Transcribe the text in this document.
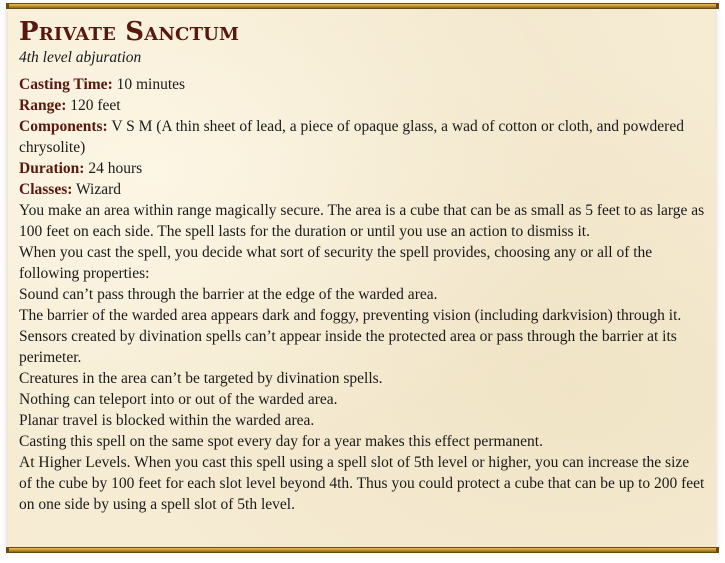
Private Sanctum
4th level abjuration
Casting Time: 10 minutes
Range: 120 feet
Components: V S M (A thin sheet of lead, a piece of opaque glass, a wad of cotton or cloth, and powdered chrysolite)
Duration: 24 hours
Classes: Wizard

You make an area within range magically secure. The area is a cube that can be as small as 5 feet to as large as 100 feet on each side. The spell lasts for the duration or until you use an action to dismiss it.

When you cast the spell, you decide what sort of security the spell provides, choosing any or all of the following properties:

Sound can’t pass through the barrier at the edge of the warded area.

The barrier of the warded area appears dark and foggy, preventing vision (including darkvision) through it.

Sensors created by divination spells can’t appear inside the protected area or pass through the barrier at its perimeter.

Creatures in the area can’t be targeted by divination spells.

Nothing can teleport into or out of the warded area.

Planar travel is blocked within the warded area.

Casting this spell on the same spot every day for a year makes this effect permanent.

At Higher Levels. When you cast this spell using a spell slot of 5th level or higher, you can increase the size of the cube by 100 feet for each slot level beyond 4th. Thus you could protect a cube that can be up to 200 feet on one side by using a spell slot of 5th level.
